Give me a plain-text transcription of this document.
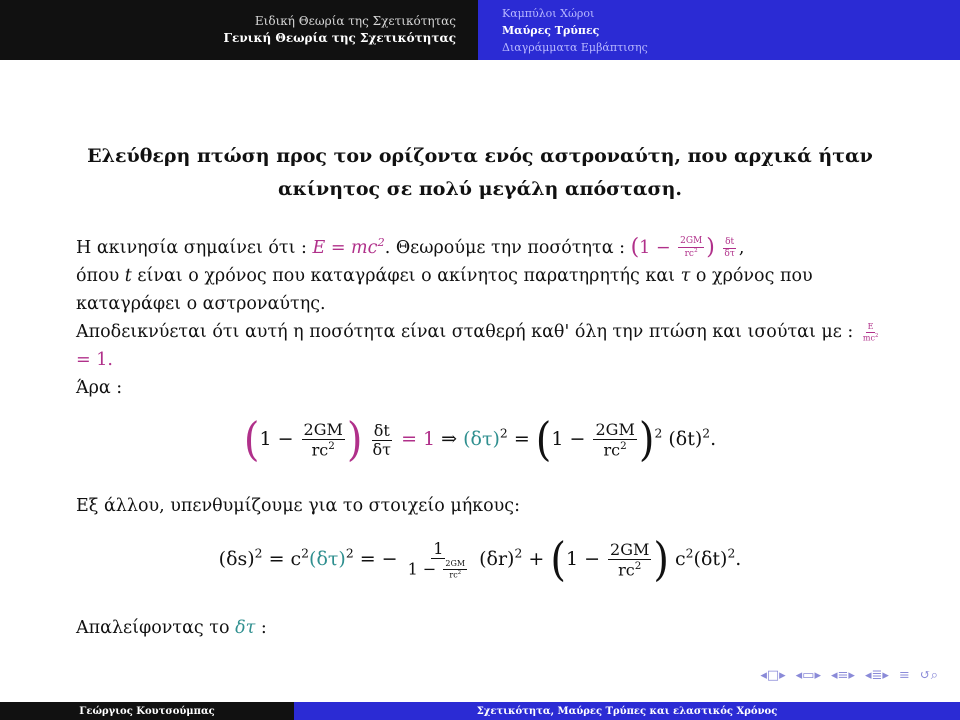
Ειδική Θεωρία της Σχετικότητας
Γενική Θεωρία της Σχετικότητας
Καμπύλοι Χώροι
Μαύρες Τρύπες
Διαγράμματα Εμβάπτισης
Ελεύθερη πτώση προς τον ορίζοντα ενός αστροναύτη, που αρχικά ήταν ακίνητος σε πολύ μεγάλη απόσταση.

Η ακινησία σημαίνει ότι : $E = mc^2$. Θεωρούμε την ποσότητα : ($1 - \frac{2GM}{rc^2}$ ) $\frac{\delta t}{\delta\tau}$ ,
όπου t είναι ο χρόνος που καταγράφει ο ακίνητος παρατηρητής και τ ο χρόνος που καταγράφει ο αστροναύτης.

Αποδεικνύεται ότι αυτή η ποσότητα είναι σταθερή καθ' όλη την πτώση και ισούται με : $\frac{E}{mc^2}$
= 1.

Άρα :

($1 - \frac{2GM}{rc^2}$ ) $\frac{\delta t}{\delta\tau} = 1$ ⇒ $(\delta\tau)^2 = (1 - \frac{2GM}{rc^2} )^2$ $(\delta t)^2$.
Εξ άλλου, υπενθυμίζουμε για το στοιχείο μήκους:
$(\delta s)^2 = c^2(\delta\tau)^2$ = − $\frac{1}{1 - \frac{2GM}{rc^2}} (\delta r)^2 + (1 - \frac{2GM}{rc^2}$ ) $c^2(\delta t)^2$.
Απαλείφοντας το δτ :
◂□▸ ◂▭▸ ◂≡▸ ◂≣▸ ≡ ↺⌕
Γεώργιος Κουτσούμπας	Σχετικότητα, Μαύρες Τρύπες και ελαστικός Χρόνος
